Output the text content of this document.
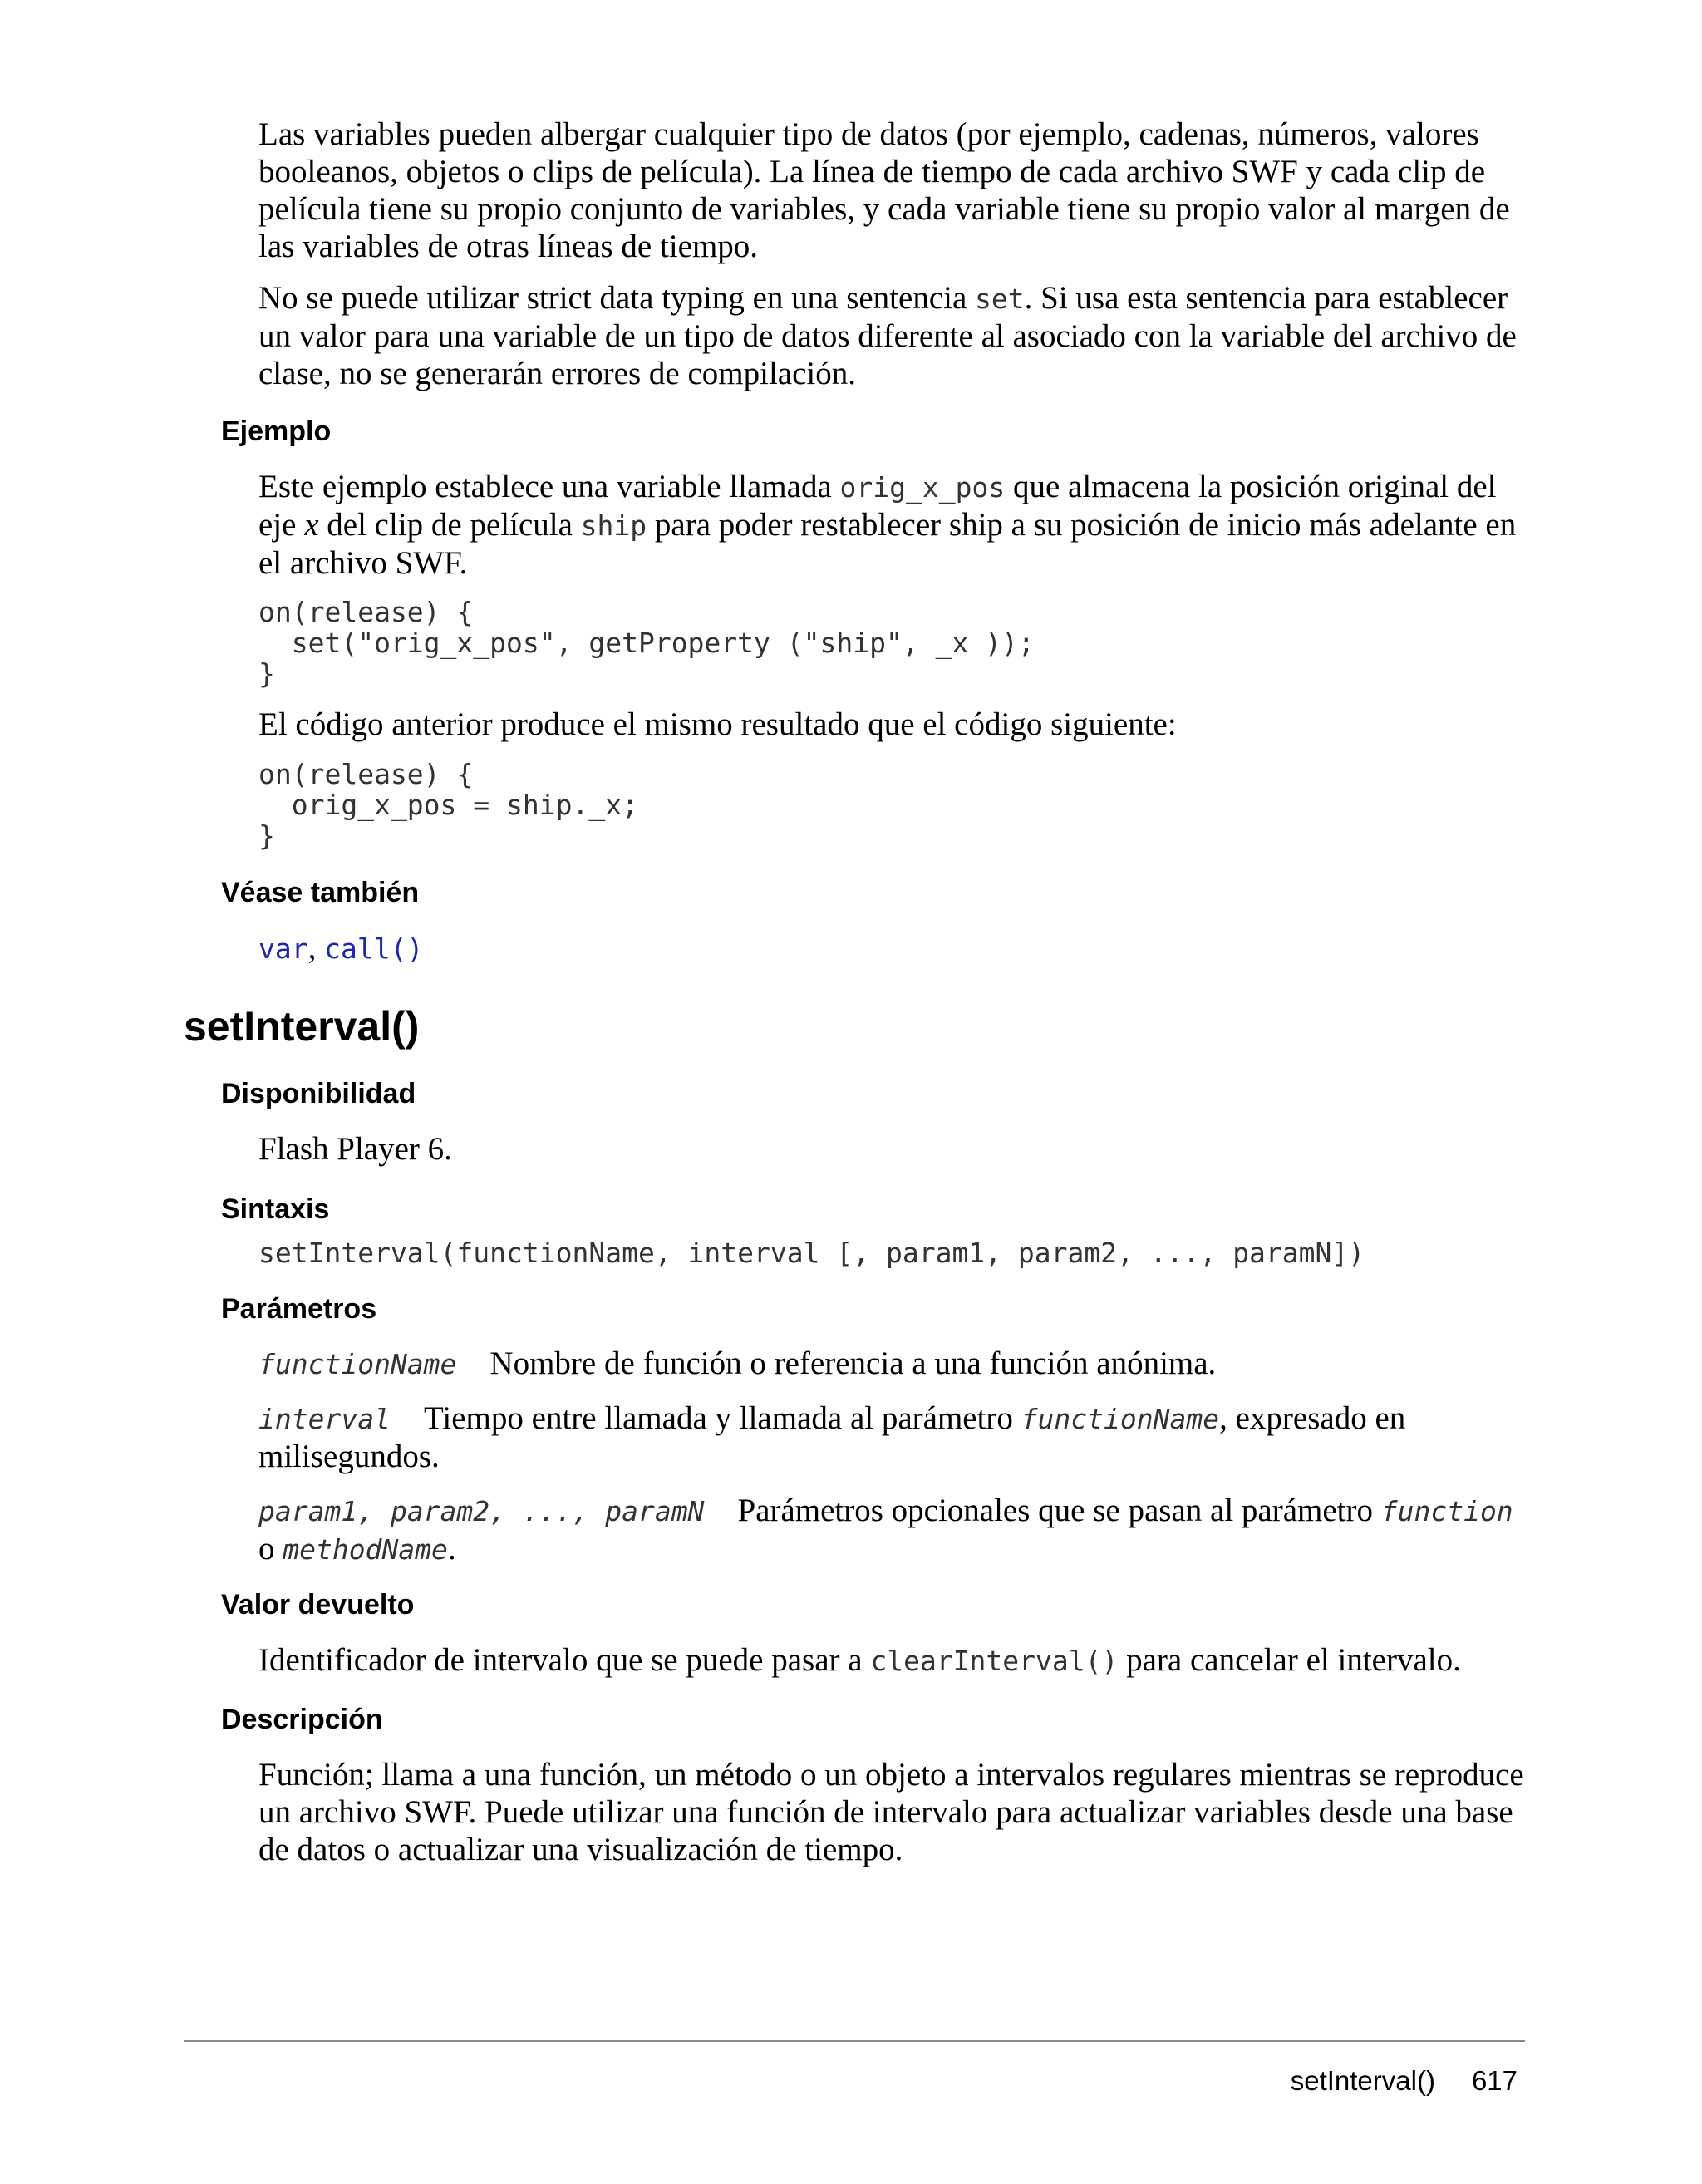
Las variables pueden albergar cualquier tipo de datos (por ejemplo, cadenas, números, valores booleanos, objetos o clips de película). La línea de tiempo de cada archivo SWF y cada clip de película tiene su propio conjunto de variables, y cada variable tiene su propio valor al margen de las variables de otras líneas de tiempo.

No se puede utilizar strict data typing en una sentencia set. Si usa esta sentencia para establecer un valor para una variable de un tipo de datos diferente al asociado con la variable del archivo de clase, no se generarán errores de compilación.

Ejemplo

Este ejemplo establece una variable llamada orig_x_pos que almacena la posición original del eje x del clip de película ship para poder restablecer ship a su posición de inicio más adelante en el archivo SWF.

on(release) {
set("orig_x_pos", getProperty ("ship", _x ));
}

El código anterior produce el mismo resultado que el código siguiente:

on(release) {
orig_x_pos = ship._x;
}
Véase también

var, call()

setInterval()
Disponibilidad

Flash Player 6.

Sintaxis

setInterval(functionName, interval [, param1, param2, ..., paramN])

Parámetros

functionName Nombre de función o referencia a una función anónima.

interval Tiempo entre llamada y llamada al parámetro functionName, expresado en milisegundos.

param1, param2, ..., paramN Parámetros opcionales que se pasan al parámetro function o methodName.

Valor devuelto

Identificador de intervalo que se puede pasar a clearInterval() para cancelar el intervalo.

Descripción

Función; llama a una función, un método o un objeto a intervalos regulares mientras se reproduce un archivo SWF. Puede utilizar una función de intervalo para actualizar variables desde una base de datos o actualizar una visualización de tiempo.

setInterval() 617
